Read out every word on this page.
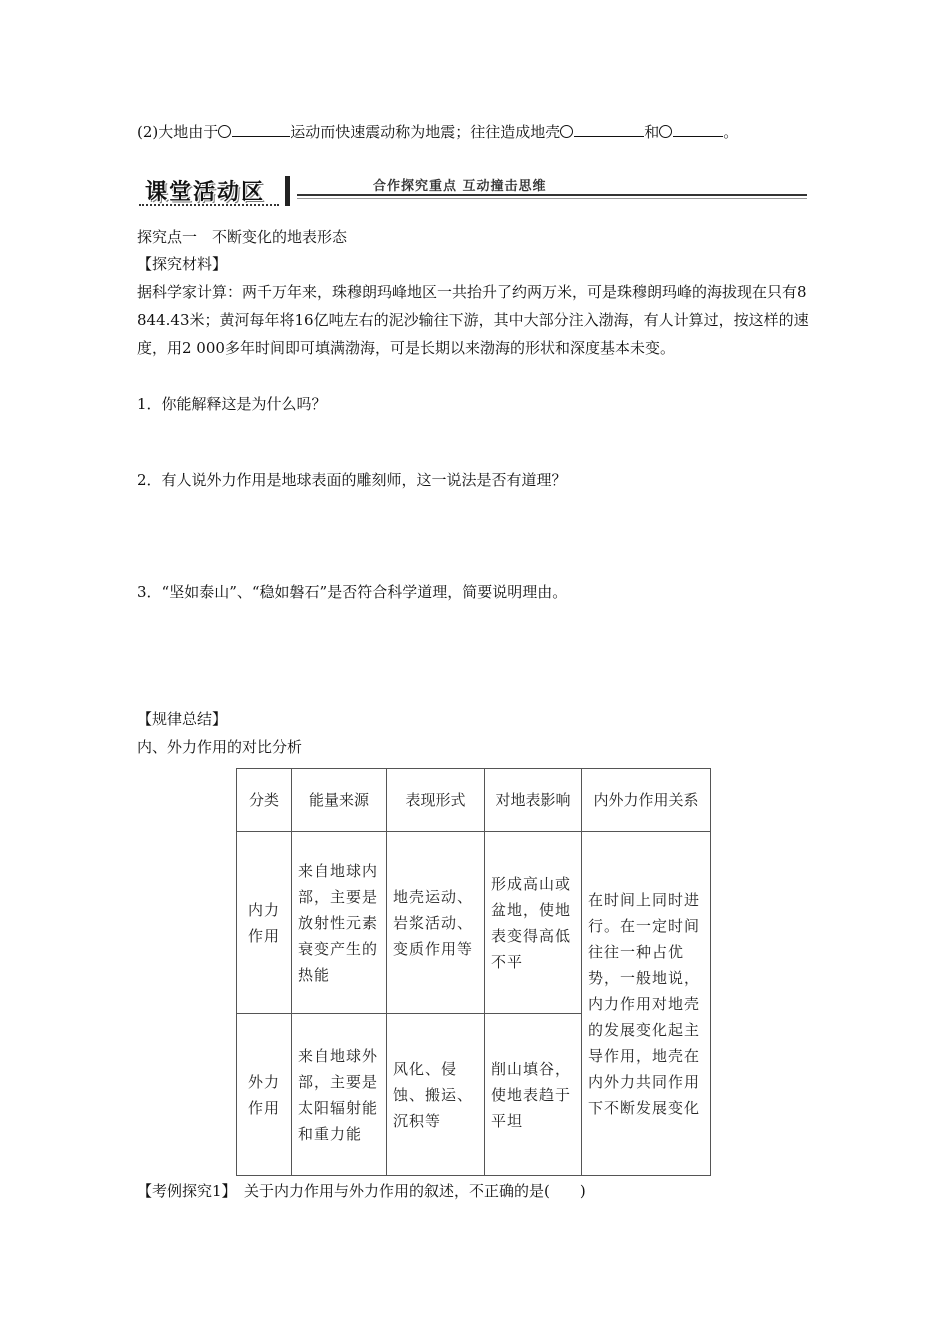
(2)大地由于	运动而快速震动称为地震；往往造成地壳	和	。
课堂活动区	合作探究重点 互动撞击思维
探究点一　不断变化的地表形态
【探究材料】
据科学家计算：两千万年来，珠穆朗玛峰地区一共抬升了约两万米，可是珠穆朗玛峰的海拔现在只有8 844.43米；黄河每年将16亿吨左右的泥沙输往下游，其中大部分注入渤海，有人计算过，按这样的速度，用2 000多年时间即可填满渤海，可是长期以来渤海的形状和深度基本未变。
1．你能解释这是为什么吗？
2．有人说外力作用是地球表面的雕刻师，这一说法是否有道理？
3．“坚如泰山”、“稳如磐石”是否符合科学道理，简要说明理由。
【规律总结】
内、外力作用的对比分析
分类	能量来源	表现形式	对地表影响	内外力作用关系

内力作用	来自地球内部，主要是放射性元素衰变产生的热能	地壳运动、岩浆活动、变质作用等	形成高山或盆地，使地表变得高低不平	在时间上同时进行。在一定时间往往一种占优势，一般地说，内力作用对地壳的发展变化起主导作用，地壳在内外力共同作用下不断发展变化

外力作用	来自地球外部，主要是太阳辐射能和重力能	风化、侵蚀、搬运、沉积等	削山填谷，使地表趋于平坦	
【考例探究1】　关于内力作用与外力作用的叙述，不正确的是(　　)
